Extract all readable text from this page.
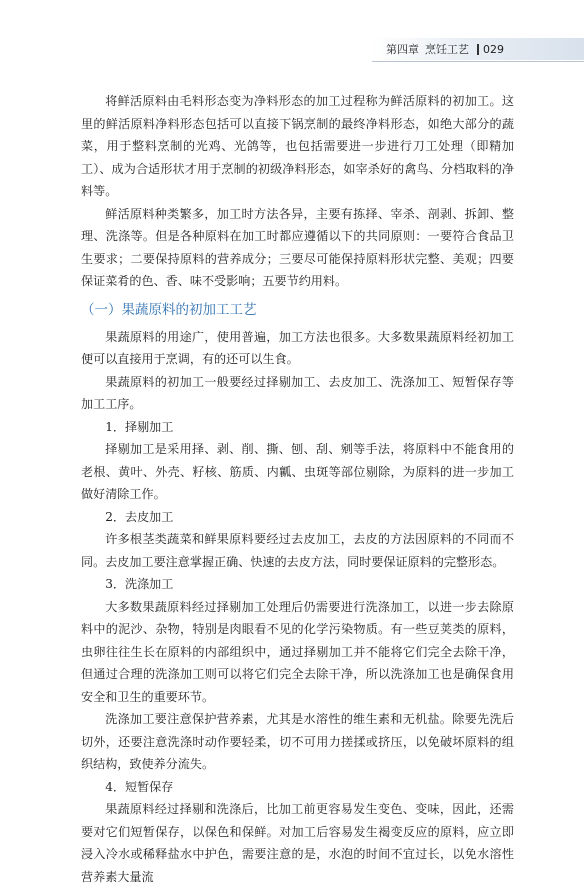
第四章 烹饪工艺 029

将鲜活原料由毛料形态变为净料形态的加工过程称为鲜活原料的初加工。这里的鲜活原料净料形态包括可以直接下锅烹制的最终净料形态，如绝大部分的蔬菜，用于整料烹制的光鸡、光鸽等，也包括需要进一步进行刀工处理（即精加工）、成为合适形状才用于烹制的初级净料形态，如宰杀好的禽鸟、分档取料的净料等。

鲜活原料种类繁多，加工时方法各异，主要有拣择、宰杀、剖剥、拆卸、整理、洗涤等。但是各种原料在加工时都应遵循以下的共同原则：一要符合食品卫生要求；二要保持原料的营养成分；三要尽可能保持原料形状完整、美观；四要保证菜肴的色、香、味不受影响；五要节约用料。

（一）果蔬原料的初加工工艺

果蔬原料的用途广，使用普遍，加工方法也很多。大多数果蔬原料经初加工便可以直接用于烹调，有的还可以生食。

果蔬原料的初加工一般要经过择剔加工、去皮加工、洗涤加工、短暂保存等加工工序。

1．择剔加工

择剔加工是采用择、剥、削、撕、刨、刮、剜等手法，将原料中不能食用的老根、黄叶、外壳、籽核、筋质、内瓤、虫斑等部位剔除，为原料的进一步加工做好清除工作。

2．去皮加工

许多根茎类蔬菜和鲜果原料要经过去皮加工，去皮的方法因原料的不同而不同。去皮加工要注意掌握正确、快速的去皮方法，同时要保证原料的完整形态。

3．洗涤加工

大多数果蔬原料经过择剔加工处理后仍需要进行洗涤加工，以进一步去除原料中的泥沙、杂物，特别是肉眼看不见的化学污染物质。有一些豆荚类的原料，虫卵往往生长在原料的内部组织中，通过择剔加工并不能将它们完全去除干净，但通过合理的洗涤加工则可以将它们完全去除干净，所以洗涤加工也是确保食用安全和卫生的重要环节。

洗涤加工要注意保护营养素，尤其是水溶性的维生素和无机盐。除要先洗后切外，还要注意洗涤时动作要轻柔，切不可用力搓揉或挤压，以免破坏原料的组织结构，致使养分流失。

4．短暂保存

果蔬原料经过择剔和洗涤后，比加工前更容易发生变色、变味，因此，还需要对它们短暂保存，以保色和保鲜。对加工后容易发生褐变反应的原料，应立即浸入冷水或稀释盐水中护色，需要注意的是，水泡的时间不宜过长，以免水溶性营养素大量流
